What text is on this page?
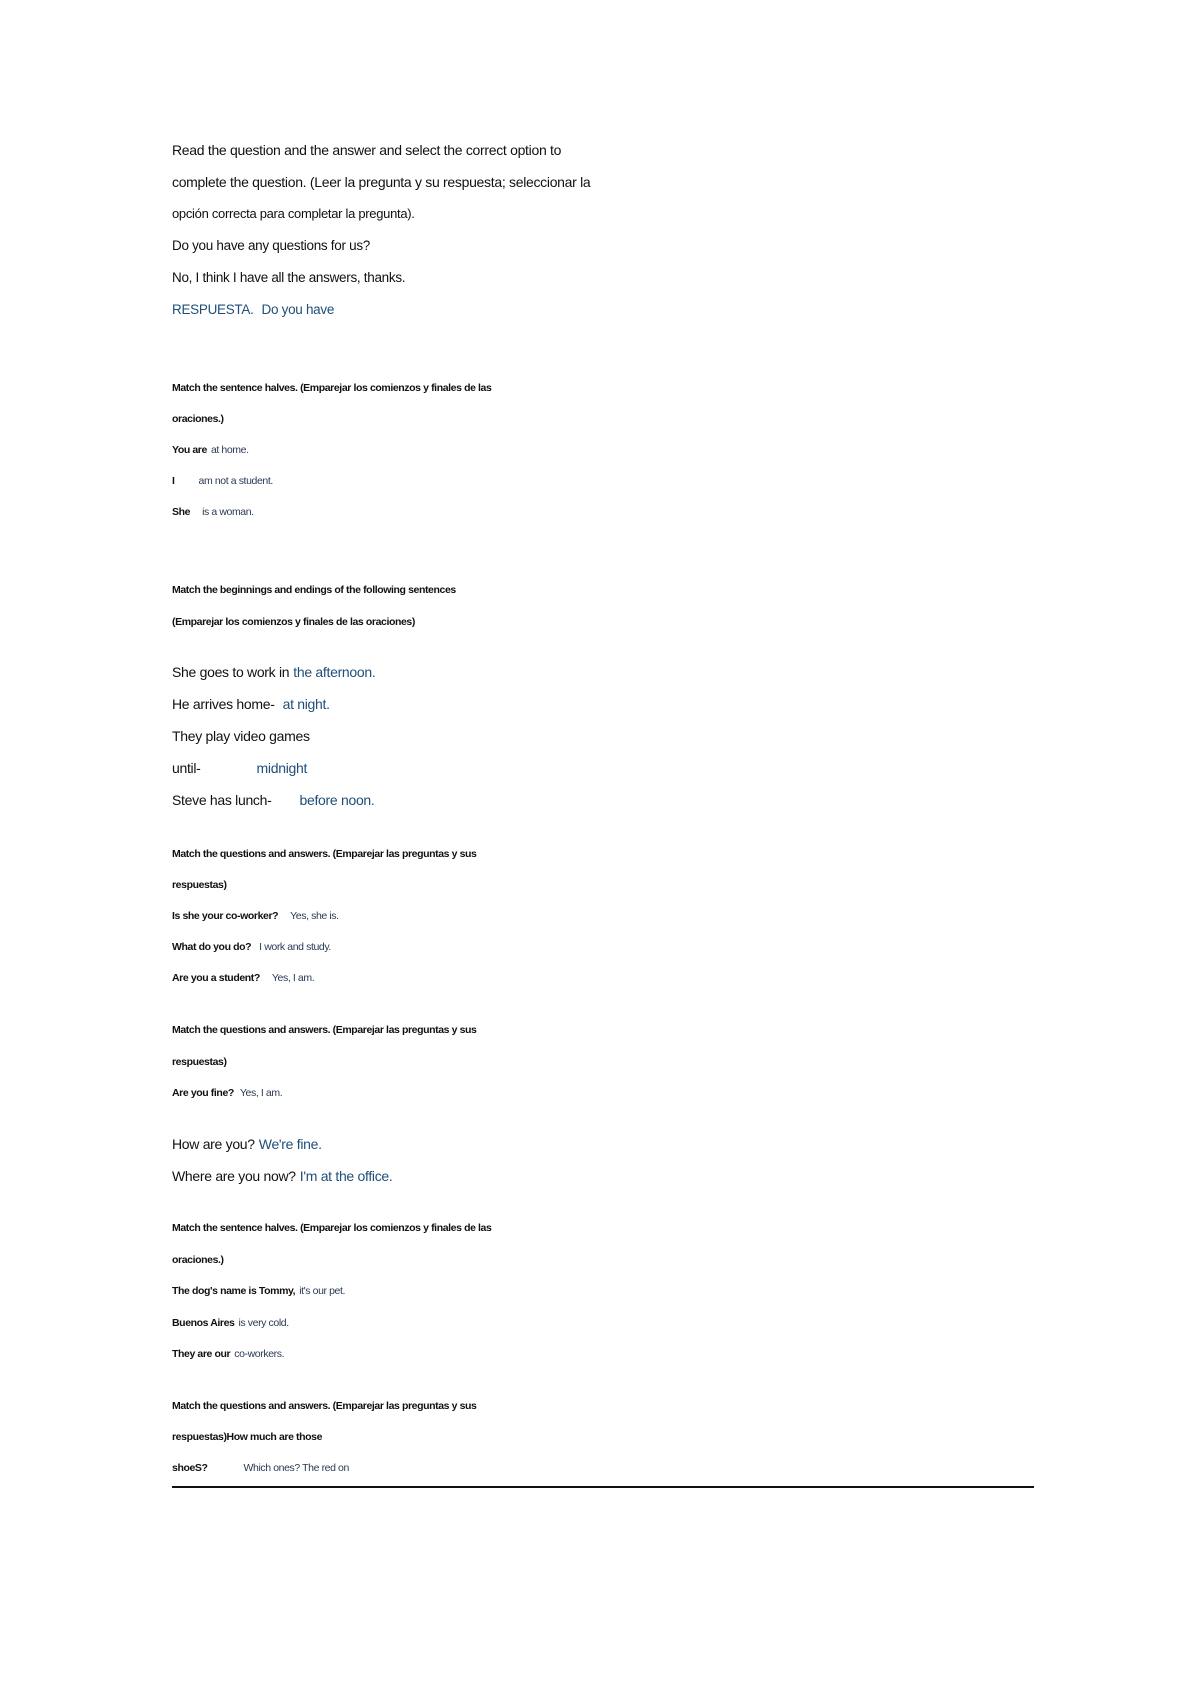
Read the question and the answer and select the correct option to
complete the question. (Leer la pregunta y su respuesta; seleccionar la
opción correcta para completar la pregunta).
Do you have any questions for us?
No, I think I have all the answers, thanks.
RESPUESTA. Do you have
Match the sentence halves. (Emparejar los comienzos y finales de las
oraciones.)
You are at home.
I am not a student.
She is a woman.
Match the beginnings and endings of the following sentences
(Emparejar los comienzos y finales de las oraciones)
She goes to work in the afternoon.
He arrives home- at night.
They play video games
until-	midnight
Steve has lunch- before noon.
Match the questions and answers. (Emparejar las preguntas y sus
respuestas)
Is she your co-worker? Yes, she is.
What do you do? I work and study.
Are you a student? Yes, I am.
Match the questions and answers. (Emparejar las preguntas y sus
respuestas)
Are you fine? Yes, I am.
How are you? We're fine.
Where are you now? I'm at the office.
Match the sentence halves. (Emparejar los comienzos y finales de las
oraciones.)
The dog's name is Tommy, it's our pet.
Buenos Aires is very cold.
They are our co-workers.
Match the questions and answers. (Emparejar las preguntas y sus
respuestas)How much are those
shoeS?	Which ones? The red on
